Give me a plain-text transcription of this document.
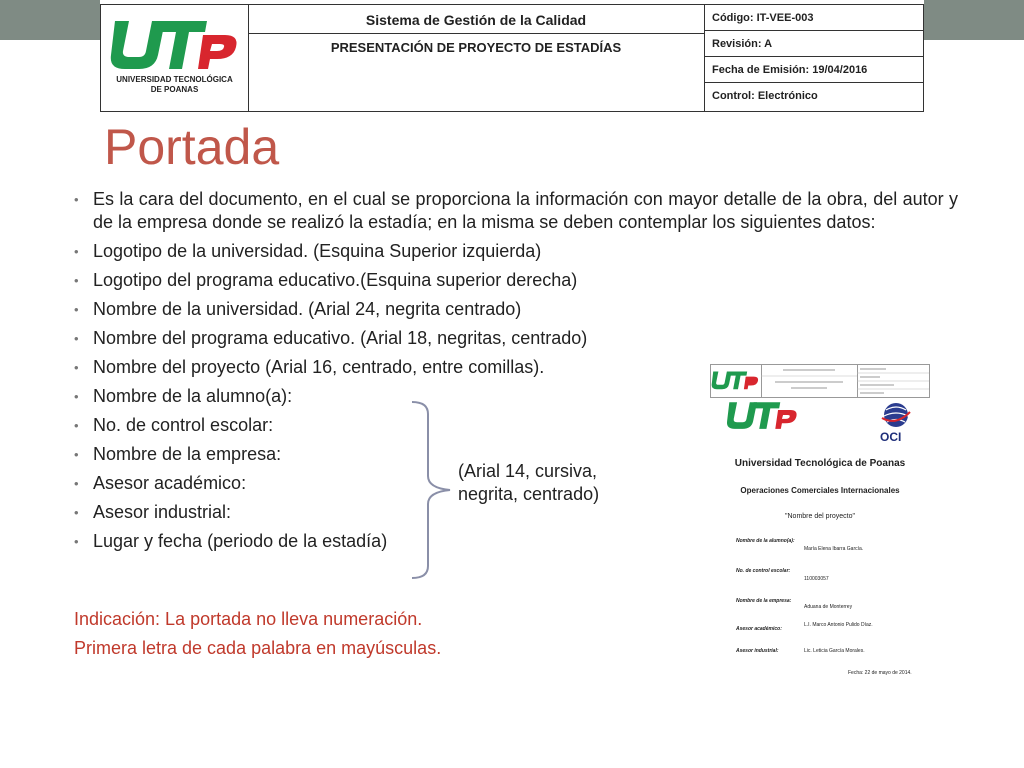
UNIVERSIDAD TECNOLÓGICA
DE POANAS
Sistema de Gestión de la Calidad
PRESENTACIÓN DE PROYECTO DE ESTADÍAS
Código: IT-VEE-003
Revisión: A
Fecha de Emisión: 19/04/2016
Control: Electrónico
Portada
• Es la cara del documento, en el cual se proporciona la información con mayor detalle de la obra, del autor y de la empresa donde se realizó la estadía; en la misma se deben contemplar los siguientes datos:
• Logotipo de la universidad. (Esquina Superior izquierda)
• Logotipo del programa educativo.(Esquina superior derecha)
• Nombre de la universidad. (Arial 24, negrita centrado)
• Nombre del programa educativo. (Arial 18, negritas, centrado)
• Nombre del proyecto (Arial 16, centrado, entre comillas).
• Nombre de la alumno(a):
• No. de control escolar:
• Nombre de la empresa:
• Asesor académico:
• Asesor industrial:
• Lugar y fecha (periodo de la estadía)
(Arial 14, cursiva,
negrita, centrado)
Indicación: La portada no lleva numeración.
Primera letra de cada palabra en mayúsculas.
OCI
Universidad Tecnológica de Poanas
Operaciones Comerciales Internacionales
"Nombre del proyecto"
Nombre de la alumno(a):
María Elena Ibarra García.
No. de control escolar:
110003057
Nombre de la empresa:
Aduana de Monterrey
Asesor académico:
L.I. Marco Antonio Pulido Díaz.
Asesor industrial:	Lic. Leticia García Morales.
Fecha: 22 de mayo de 2014.
